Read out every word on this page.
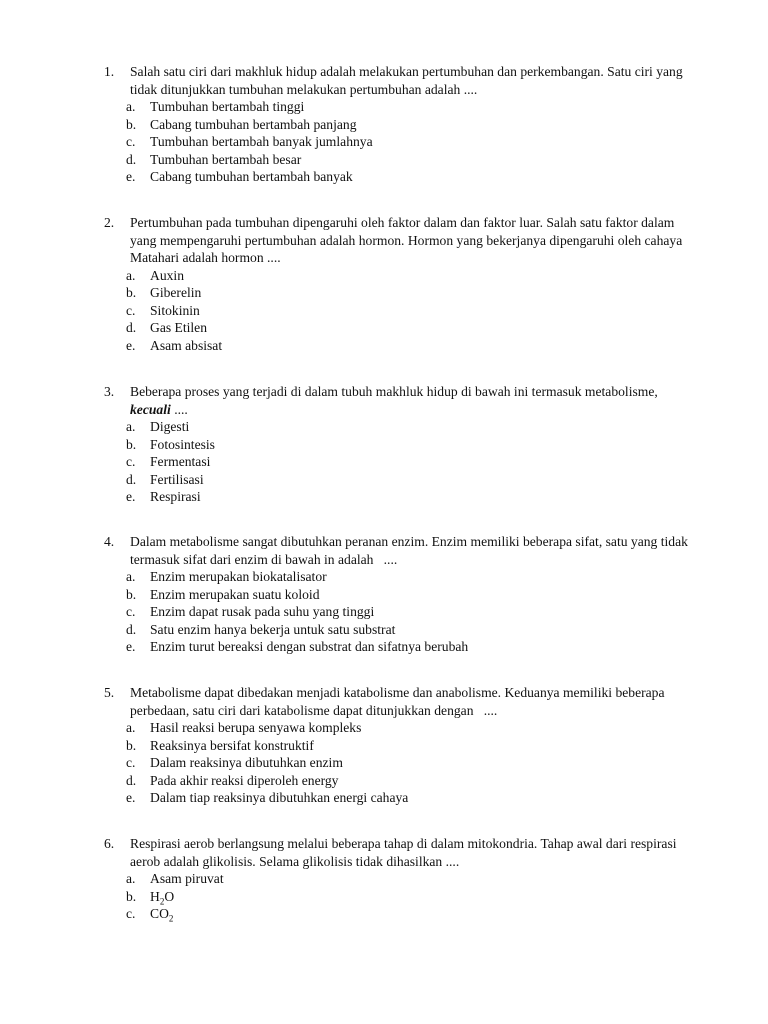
1. Salah satu ciri dari makhluk hidup adalah melakukan pertumbuhan dan perkembangan. Satu ciri yang tidak ditunjukkan tumbuhan melakukan pertumbuhan adalah ....
a. Tumbuhan bertambah tinggi
b. Cabang tumbuhan bertambah panjang
c. Tumbuhan bertambah banyak jumlahnya
d. Tumbuhan bertambah besar
e. Cabang tumbuhan bertambah banyak
2. Pertumbuhan pada tumbuhan dipengaruhi oleh faktor dalam dan faktor luar. Salah satu faktor dalam yang mempengaruhi pertumbuhan adalah hormon. Hormon yang bekerjanya dipengaruhi oleh cahaya Matahari adalah hormon ....
a. Auxin
b. Giberelin
c. Sitokinin
d. Gas Etilen
e. Asam absisat
3. Beberapa proses yang terjadi di dalam tubuh makhluk hidup di bawah ini termasuk metabolisme,
kecuali ....
a. Digesti
b. Fotosintesis
c. Fermentasi
d. Fertilisasi
e. Respirasi
4. Dalam metabolisme sangat dibutuhkan peranan enzim. Enzim memiliki beberapa sifat, satu yang tidak termasuk sifat dari enzim di bawah in adalah   ....
a. Enzim merupakan biokatalisator
b. Enzim merupakan suatu koloid
c. Enzim dapat rusak pada suhu yang tinggi
d. Satu enzim hanya bekerja untuk satu substrat
e. Enzim turut bereaksi dengan substrat dan sifatnya berubah
5. Metabolisme dapat dibedakan menjadi katabolisme dan anabolisme. Keduanya memiliki beberapa perbedaan, satu ciri dari katabolisme dapat ditunjukkan dengan   ....
a. Hasil reaksi berupa senyawa kompleks
b. Reaksinya bersifat konstruktif
c. Dalam reaksinya dibutuhkan enzim
d. Pada akhir reaksi diperoleh energy
e. Dalam tiap reaksinya dibutuhkan energi cahaya
6. Respirasi aerob berlangsung melalui beberapa tahap di dalam mitokondria. Tahap awal dari respirasi aerob adalah glikolisis. Selama glikolisis tidak dihasilkan ....
a. Asam piruvat
b. $H_2O$
c. $CO_2$
